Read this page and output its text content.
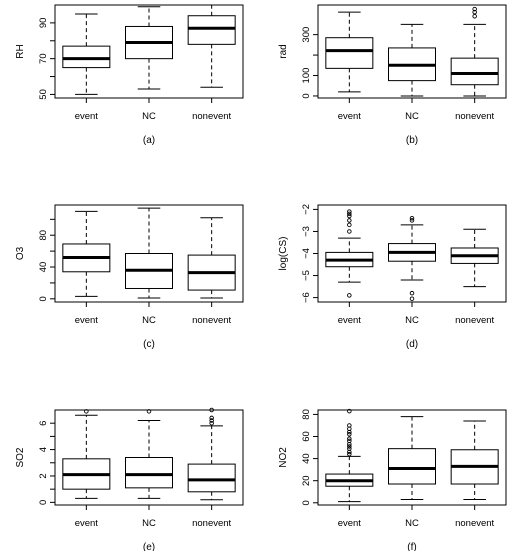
50
70
90
RH
event	NC	nonevent
(a)
0
100
300
rad
event	NC	nonevent
(b)
0
40
80
O3
event	NC	nonevent
(c)
−6
−5
−4
−3
−2
log(CS)
event	NC	nonevent
(d)
0
2
4
6
SO2
event	NC	nonevent
(e)
0
20
40
60
80
NO2
event	NC	nonevent
(f)
